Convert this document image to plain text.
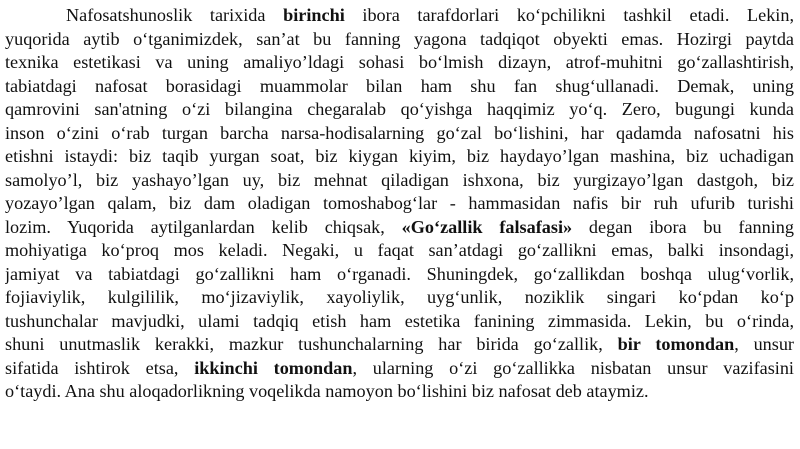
Nafosatshunoslik tarixida birinchi ibora tarafdorlari ko‘pchilikni tashkil etadi. Lekin,
yuqorida aytib o‘tganimizdek, san’at bu fanning yagona tadqiqot obyekti emas. Hozirgi paytda
texnika estetikasi va uning amaliyo’ldagi sohasi bo‘lmish dizayn, atrof-muhitni go‘zallashtirish,
tabiatdagi nafosat borasidagi muammolar bilan ham shu fan shug‘ullanadi. Demak, uning
qamrovini san'atning o‘zi bilangina chegaralab qo‘yishga haqqimiz yo‘q. Zero, bugungi kunda
inson o‘zini o‘rab turgan barcha narsa-hodisalarning go‘zal bo‘lishini, har qadamda nafosatni his
etishni istaydi: biz taqib yurgan soat, biz kiygan kiyim, biz haydayo’lgan mashina, biz uchadigan
samolyo’l, biz yashayo’lgan uy, biz mehnat qiladigan ishxona, biz yurgizayo’lgan dastgoh, biz
yozayo’lgan qalam, biz dam oladigan tomoshabog‘lar - hammasidan nafis bir ruh ufurib turishi
lozim. Yuqorida aytilganlardan kelib chiqsak, «Go‘zallik falsafasi» degan ibora bu fanning
mohiyatiga ko‘proq mos keladi. Negaki, u faqat san’atdagi go‘zallikni emas, balki insondagi,
jamiyat va tabiatdagi go‘zallikni ham o‘rganadi. Shuningdek, go‘zallikdan boshqa ulug‘vorlik,
fojiaviylik, kulgililik, mo‘jizaviylik, xayoliylik, uyg‘unlik, noziklik singari ko‘pdan ko‘p
tushunchalar mavjudki, ulami tadqiq etish ham estetika fanining zimmasida. Lekin, bu o‘rinda,
shuni unutmaslik kerakki, mazkur tushunchalarning har birida go‘zallik, bir tomondan, unsur
sifatida ishtirok etsa, ikkinchi tomondan, ularning o‘zi go‘zallikka nisbatan unsur vazifasini
o‘taydi. Ana shu aloqadorlikning voqelikda namoyon bo‘lishini biz nafosat deb ataymiz.
